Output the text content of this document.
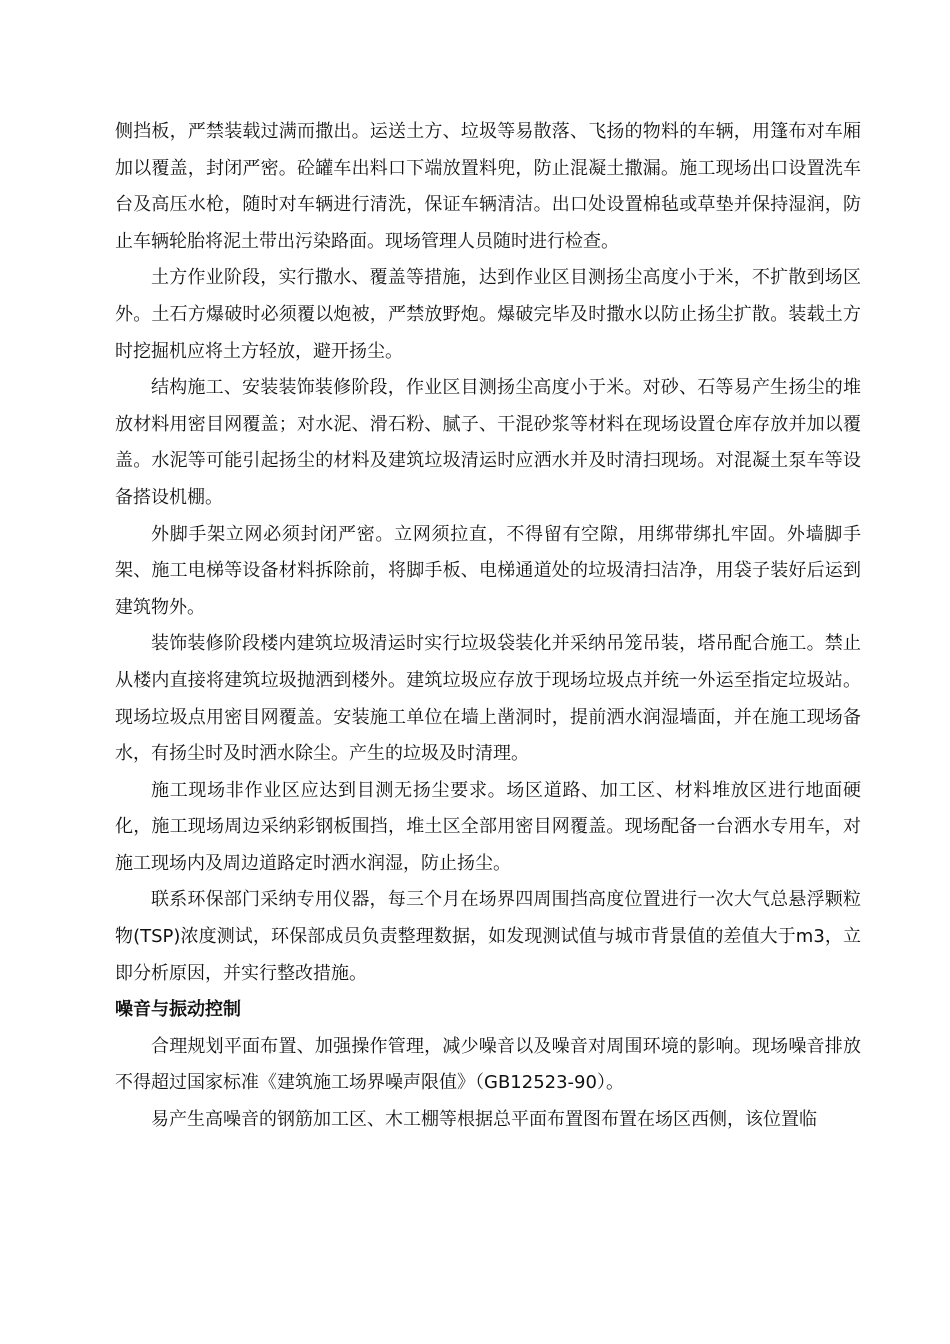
侧挡板，严禁装载过满而撒出。运送土方、垃圾等易散落、飞扬的物料的车辆，用篷布对车厢加以覆盖，封闭严密。砼罐车出料口下端放置料兜，防止混凝土撒漏。施工现场出口设置洗车台及高压水枪，随时对车辆进行清洗，保证车辆清洁。出口处设置棉毡或草垫并保持湿润，防止车辆轮胎将泥土带出污染路面。现场管理人员随时进行检查。

土方作业阶段，实行撒水、覆盖等措施，达到作业区目测扬尘高度小于米，不扩散到场区外。土石方爆破时必须覆以炮被，严禁放野炮。爆破完毕及时撒水以防止扬尘扩散。装载土方时挖掘机应将土方轻放，避开扬尘。

结构施工、安装装饰装修阶段，作业区目测扬尘高度小于米。对砂、石等易产生扬尘的堆放材料用密目网覆盖；对水泥、滑石粉、腻子、干混砂浆等材料在现场设置仓库存放并加以覆盖。水泥等可能引起扬尘的材料及建筑垃圾清运时应洒水并及时清扫现场。对混凝土泵车等设备搭设机棚。

外脚手架立网必须封闭严密。立网须拉直，不得留有空隙，用绑带绑扎牢固。外墙脚手架、施工电梯等设备材料拆除前，将脚手板、电梯通道处的垃圾清扫洁净，用袋子装好后运到建筑物外。

装饰装修阶段楼内建筑垃圾清运时实行垃圾袋装化并采纳吊笼吊装，塔吊配合施工。禁止从楼内直接将建筑垃圾抛洒到楼外。建筑垃圾应存放于现场垃圾点并统一外运至指定垃圾站。现场垃圾点用密目网覆盖。安装施工单位在墙上凿洞时，提前洒水润湿墙面，并在施工现场备水，有扬尘时及时洒水除尘。产生的垃圾及时清理。

施工现场非作业区应达到目测无扬尘要求。场区道路、加工区、材料堆放区进行地面硬化，施工现场周边采纳彩钢板围挡，堆土区全部用密目网覆盖。现场配备一台洒水专用车，对施工现场内及周边道路定时洒水润湿，防止扬尘。

联系环保部门采纳专用仪器，每三个月在场界四周围挡高度位置进行一次大气总悬浮颗粒物(TSP)浓度测试，环保部成员负责整理数据，如发现测试值与城市背景值的差值大于m3，立即分析原因，并实行整改措施。

噪音与振动控制

合理规划平面布置、加强操作管理，减少噪音以及噪音对周围环境的影响。现场噪音排放不得超过国家标准《建筑施工场界噪声限值》（GB12523-90）。

易产生高噪音的钢筋加工区、木工棚等根据总平面布置图布置在场区西侧，该位置临
